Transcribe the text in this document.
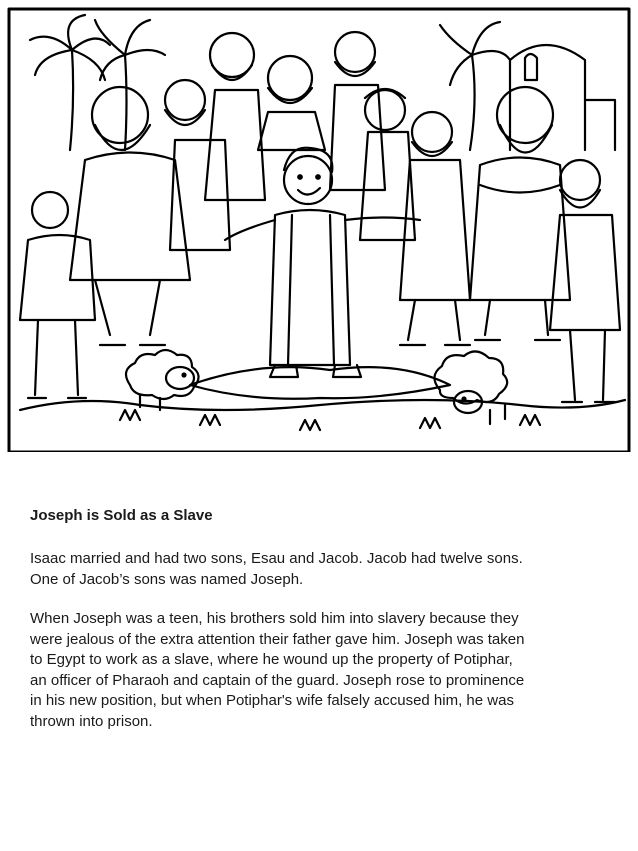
Joseph is Sold as a Slave
Isaac married and had two sons, Esau and Jacob. Jacob had twelve sons.
One of Jacob’s sons was named Joseph.
When Joseph was a teen, his brothers sold him into slavery because they
were jealous of the extra attention their father gave him. Joseph was taken
to Egypt to work as a slave, where he wound up the property of Potiphar,
an officer of Pharaoh and captain of the guard. Joseph rose to prominence
in his new position, but when Potiphar's wife falsely accused him, he was
thrown into prison.
